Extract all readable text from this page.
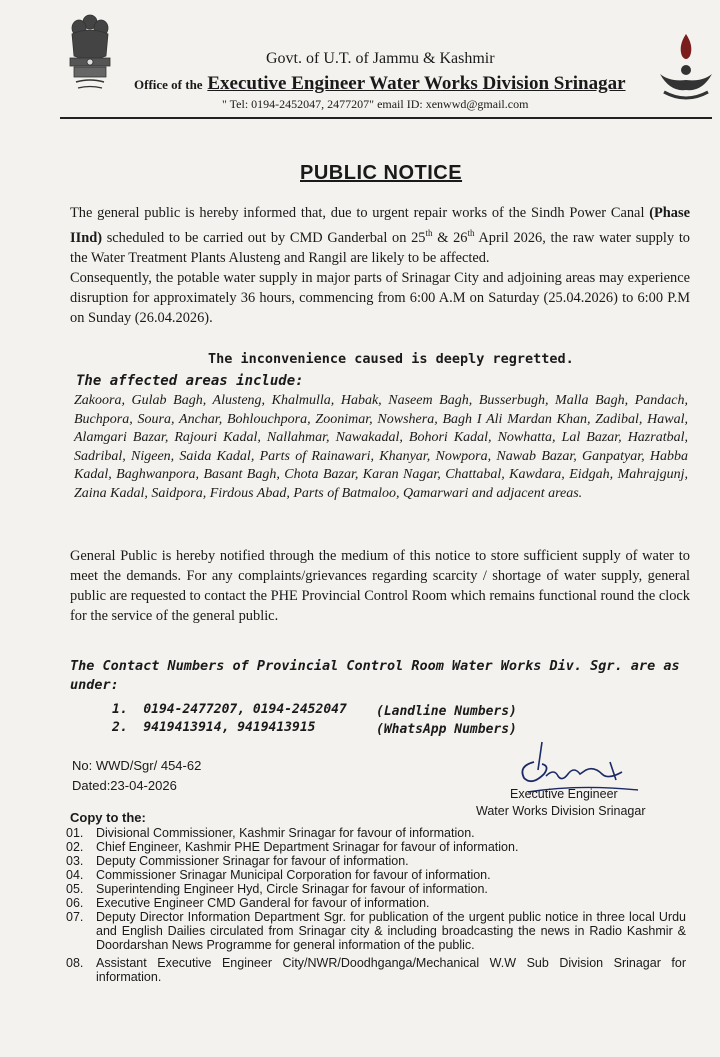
Govt. of U.T. of Jammu & Kashmir
Office of the Executive Engineer Water Works Division Srinagar
" Tel: 0194-2452047, 2477207" email ID: xenwwd@gmail.com
PUBLIC NOTICE
The general public is hereby informed that, due to urgent repair works of the Sindh Power Canal (Phase IInd) scheduled to be carried out by CMD Ganderbal on 25th & 26th April 2026, the raw water supply to the Water Treatment Plants Alusteng and Rangil are likely to be affected.
Consequently, the potable water supply in major parts of Srinagar City and adjoining areas may experience disruption for approximately 36 hours, commencing from 6:00 A.M on Saturday (25.04.2026) to 6:00 P.M on Sunday (26.04.2026).
The inconvenience caused is deeply regretted.
The affected areas include:
Zakoora, Gulab Bagh, Alusteng, Khalmulla, Habak, Naseem Bagh, Busserbugh, Malla Bagh, Pandach, Buchpora, Soura, Anchar, Bohlouchpora, Zoonimar, Nowshera, Bagh I Ali Mardan Khan, Zadibal, Hawal, Alamgari Bazar, Rajouri Kadal, Nallahmar, Nawakadal, Bohori Kadal, Nowhatta, Lal Bazar, Hazratbal, Sadribal, Nigeen, Saida Kadal, Parts of Rainawari, Khanyar, Nowpora, Nawab Bazar, Ganpatyar, Habba Kadal, Baghwanpora, Basant Bagh, Chota Bazar, Karan Nagar, Chattabal, Kawdara, Eidgah, Mahrajgunj, Zaina Kadal, Saidpora, Firdous Abad, Parts of Batmaloo, Qamarwari and adjacent areas.
General Public is hereby notified through the medium of this notice to store sufficient supply of water to meet the demands. For any complaints/grievances regarding scarcity / shortage of water supply, general public are requested to contact the PHE Provincial Control Room which remains functional round the clock for the service of the general public.
The Contact Numbers of Provincial Control Room Water Works Div. Sgr. are as under:
1. 0194-2477207, 0194-2452047 (Landline Numbers)
2. 9419413914, 9419413915	(WhatsApp Numbers)
No: WWD/Sgr/ 454-62
Dated:23-04-2026
Executive Engineer
Water Works Division Srinagar
Copy to the:
01.	Divisional Commissioner, Kashmir Srinagar for favour of information.
02.	Chief Engineer, Kashmir PHE Department Srinagar for favour of information.
03.	Deputy Commissioner Srinagar for favour of information.
04.	Commissioner Srinagar Municipal Corporation for favour of information.
05.	Superintending Engineer Hyd, Circle Srinagar for favour of information.
06.	Executive Engineer CMD Ganderal for favour of information.
07.	Deputy Director Information Department Sgr. for publication of the urgent public notice in three local Urdu and English Dailies circulated from Srinagar city & including broadcasting the news in Radio Kashmir & Doordarshan News Programme for general information of the public.
08.	Assistant Executive Engineer City/NWR/Doodhganga/Mechanical W.W Sub Division Srinagar for information.
